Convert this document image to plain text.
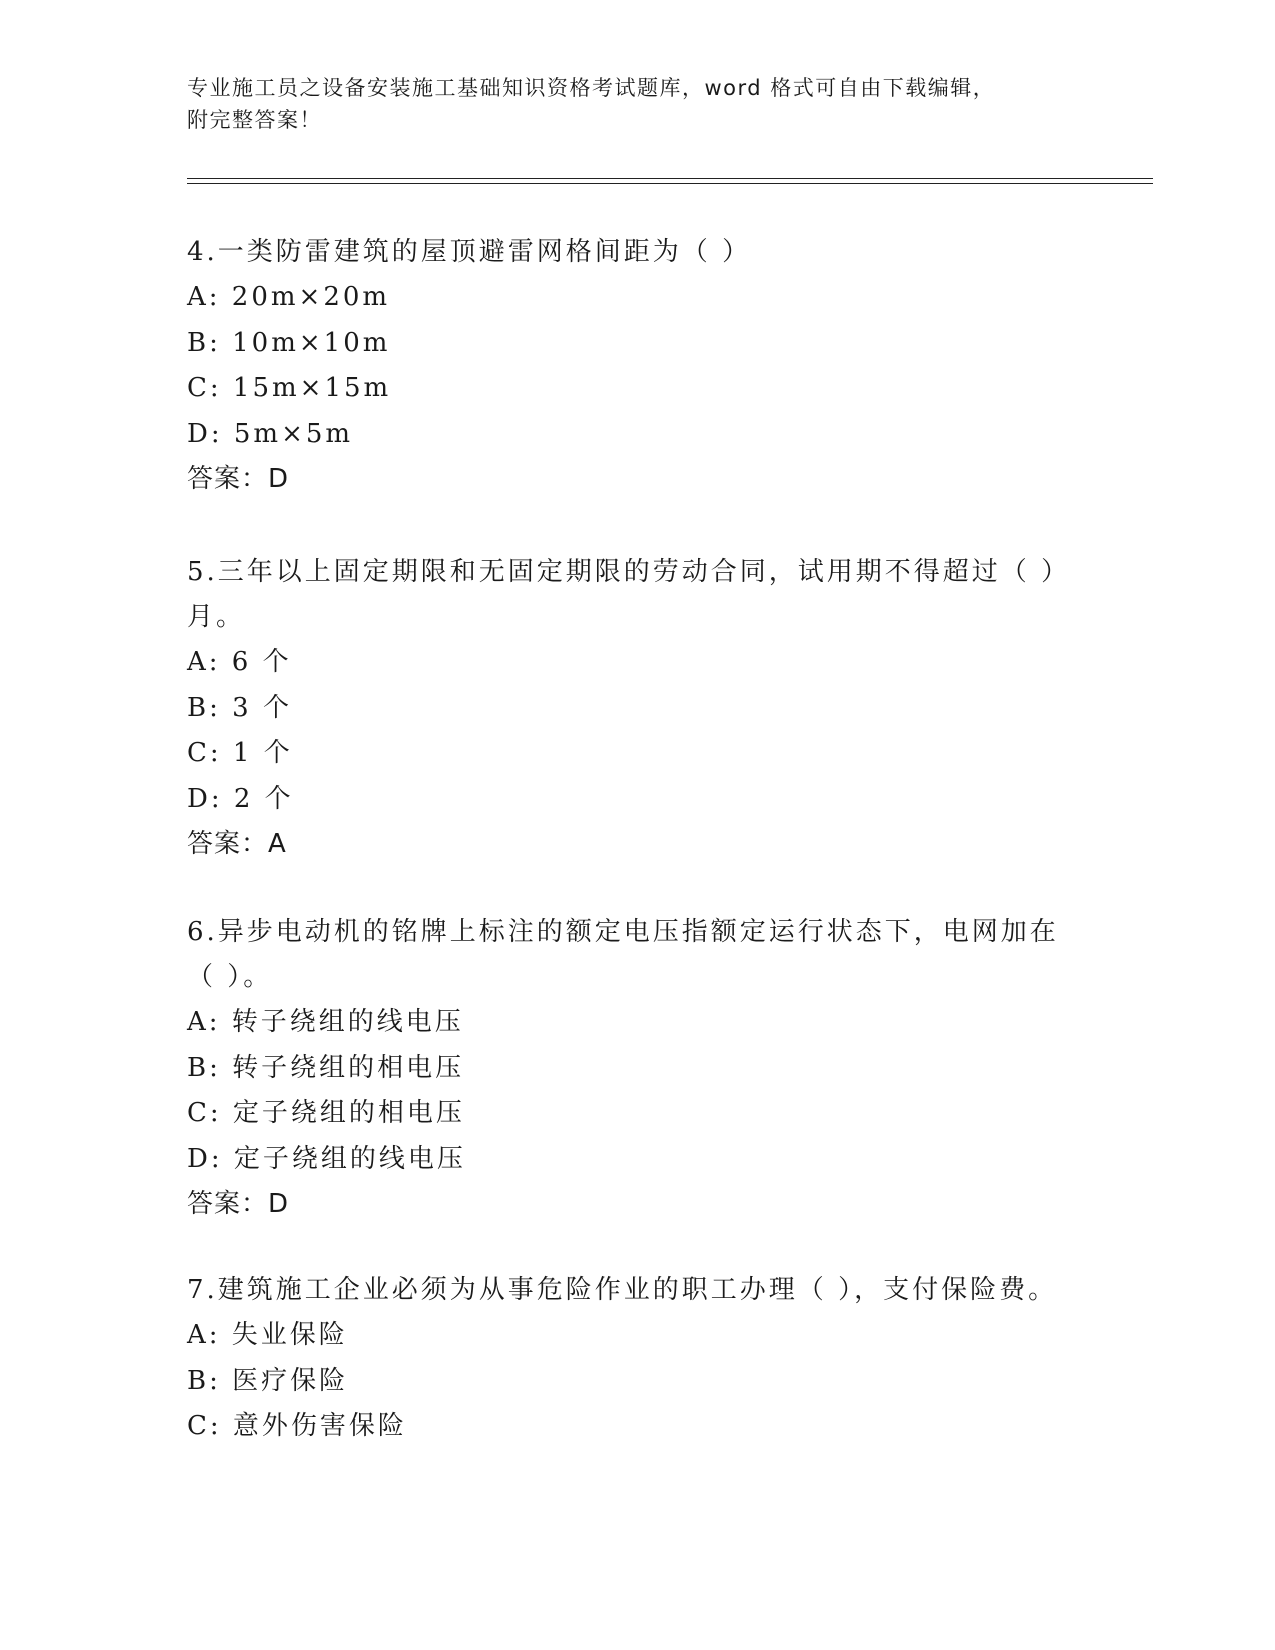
专业施工员之设备安装施工基础知识资格考试题库，word 格式可自由下载编辑，
附完整答案！
4.一类防雷建筑的屋顶避雷网格间距为（ ）
A: 20m×20m
B: 10m×10m
C: 15m×15m
D: 5m×5m
答案：D
5.三年以上固定期限和无固定期限的劳动合同，试用期不得超过（ ）月。
A: 6 个
B: 3 个
C: 1 个
D: 2 个
答案：A
6.异步电动机的铭牌上标注的额定电压指额定运行状态下，电网加在（ ）。
A: 转子绕组的线电压
B: 转子绕组的相电压
C: 定子绕组的相电压
D: 定子绕组的线电压
答案：D
7.建筑施工企业必须为从事危险作业的职工办理（ ），支付保险费。
A: 失业保险
B: 医疗保险
C: 意外伤害保险
